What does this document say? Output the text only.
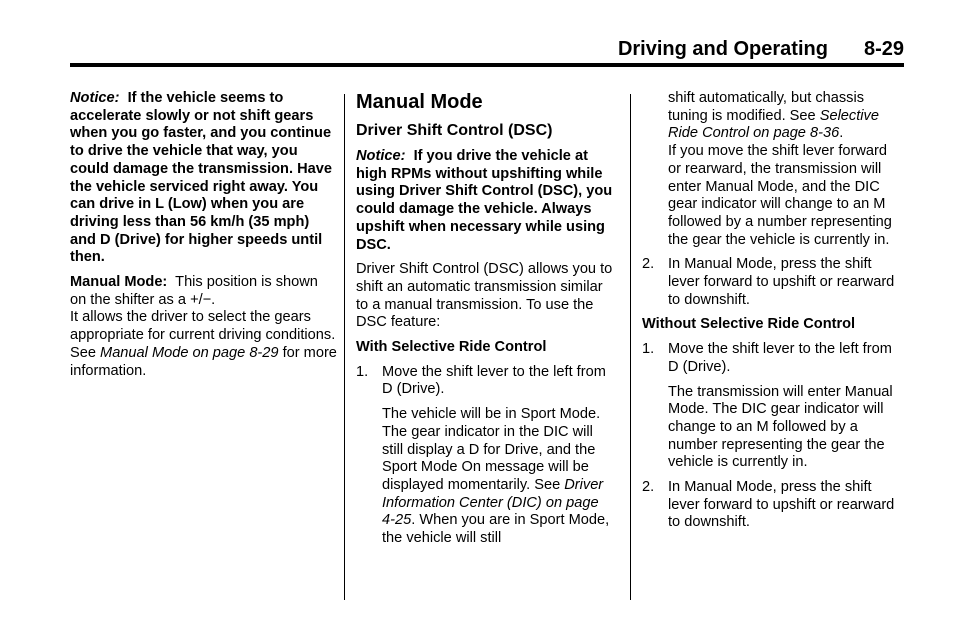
Driving and Operating 8-29

Notice: If the vehicle seems to accelerate slowly or not shift gears when you go faster, and you continue to drive the vehicle that way, you could damage the transmission. Have the vehicle serviced right away. You can drive in L (Low) when you are driving less than 56 km/h (35 mph) and D (Drive) for higher speeds until then.

Manual Mode: This position is shown on the shifter as a +/−.

It allows the driver to select the gears appropriate for current driving conditions. See Manual Mode on page 8‑29 for more information.

Manual Mode
Driver Shift Control (DSC)

Notice: If you drive the vehicle at high RPMs without upshifting while using Driver Shift Control (DSC), you could damage the vehicle. Always upshift when necessary while using DSC.

Driver Shift Control (DSC) allows you to shift an automatic transmission similar to a manual transmission. To use the DSC feature:

With Selective Ride Control

1. Move the shift lever to the left from D (Drive).

The vehicle will be in Sport Mode. The gear indicator in the DIC will still display a D for Drive, and the Sport Mode On message will be displayed momentarily. See Driver Information Center (DIC) on page 4‑25. When you are in Sport Mode, the vehicle will still

shift automatically, but chassis tuning is modified. See Selective Ride Control on page 8‑36.

If you move the shift lever forward or rearward, the transmission will enter Manual Mode, and the DIC gear indicator will change to an M followed by a number representing the gear the vehicle is currently in.

2. In Manual Mode, press the shift lever forward to upshift or rearward to downshift.

Without Selective Ride Control

1. Move the shift lever to the left from D (Drive).

The transmission will enter Manual Mode. The DIC gear indicator will change to an M followed by a number representing the gear the vehicle is currently in.

2. In Manual Mode, press the shift lever forward to upshift or rearward to downshift.
